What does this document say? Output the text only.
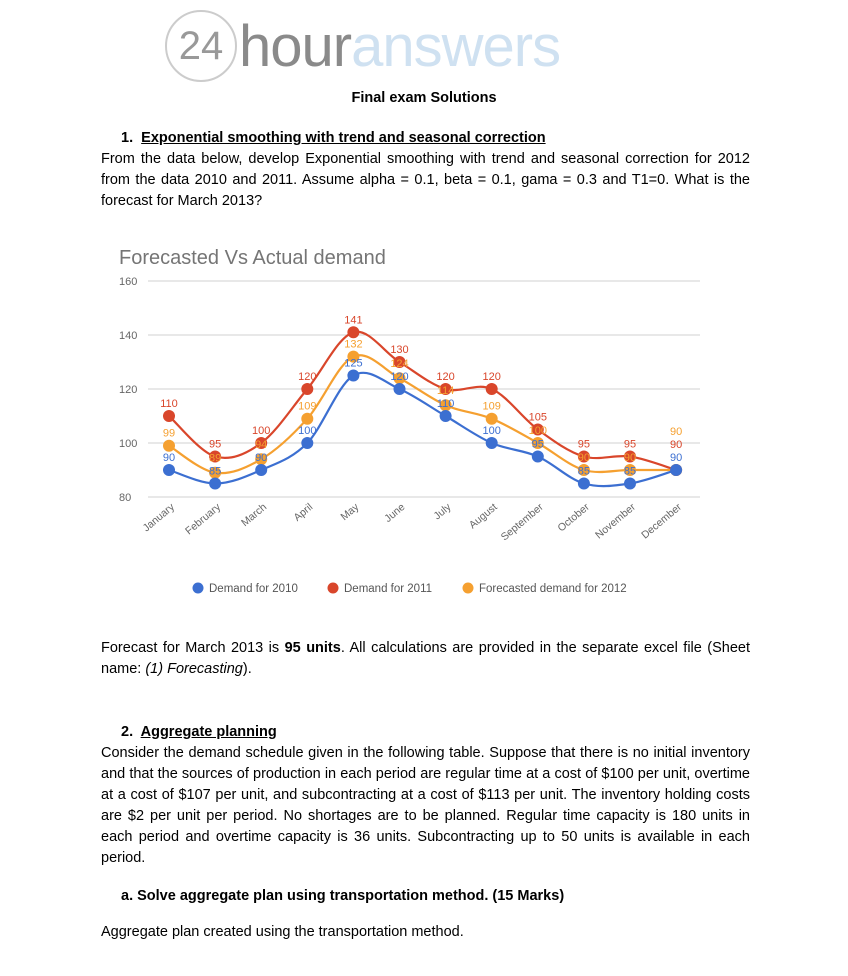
24 hour answers
Final exam Solutions
1. Exponential smoothing with trend and seasonal correction
From the data below, develop Exponential smoothing with trend and seasonal correction for 2012 from the data 2010 and 2011. Assume alpha = 0.1, beta = 0.1, gama = 0.3 and T1=0. What is the forecast for March 2013?
Forecasted Vs Actual demand
80
100
120
140
160
January February March April May June July August September October November December
110
99
90
95
89
85
100
94
90
120
109
100
141
132
125
130
124
120	120
114
110
120
109
100
105
100
95	95
90
85
95
90
85
90
90
90
Demand for 2010	Demand for 2011	Forecasted demand for 2012
Forecast for March 2013 is 95 units. All calculations are provided in the separate excel file (Sheet name: (1) Forecasting).
2. Aggregate planning
Consider the demand schedule given in the following table. Suppose that there is no initial inventory and that the sources of production in each period are regular time at a cost of $100 per unit, overtime at a cost of $107 per unit, and subcontracting at a cost of $113 per unit. The inventory holding costs are $2 per unit per period. No shortages are to be planned. Regular time capacity is 180 units in each period and overtime capacity is 36 units. Subcontracting up to 50 units is available in each period.
a. Solve aggregate plan using transportation method. (15 Marks)
Aggregate plan created using the transportation method.
